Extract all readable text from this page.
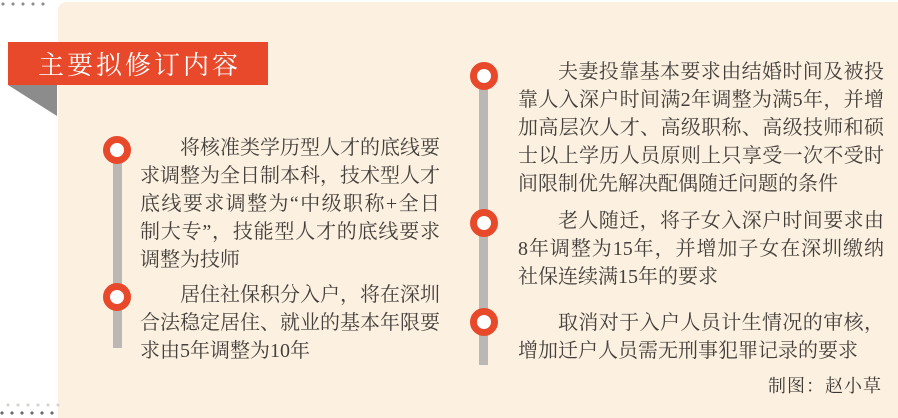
主要拟修订内容

将核准类学历型人才的底线要求调整为全日制本科，技术型人才底线要求调整为“中级职称+全日制大专”，技能型人才的底线要求调整为技师

居住社保积分入户，将在深圳合法稳定居住、就业的基本年限要求由5年调整为10年

夫妻投靠基本要求由结婚时间及被投靠人入深户时间满2年调整为满5年，并增加高层次人才、高级职称、高级技师和硕士以上学历人员原则上只享受一次不受时间限制优先解决配偶随迁问题的条件

老人随迁，将子女入深户时间要求由8年调整为15年，并增加子女在深圳缴纳社保连续满15年的要求

取消对于入户人员计生情况的审核，增加迁户人员需无刑事犯罪记录的要求

制图：赵小草
